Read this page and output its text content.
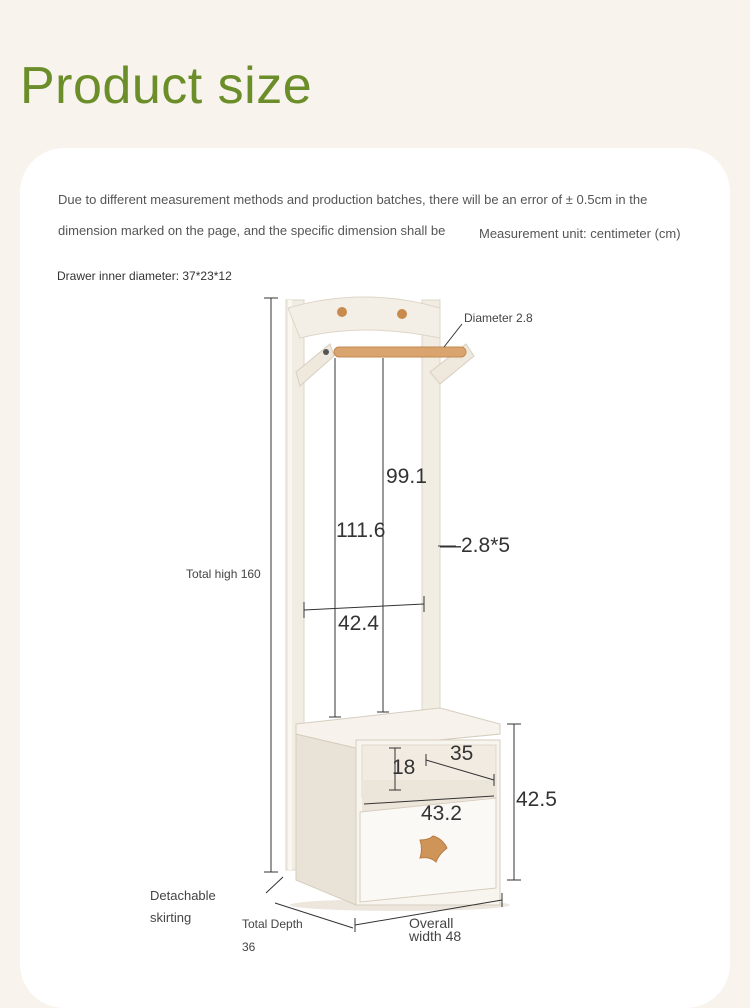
Product size
Due to different measurement methods and production batches, there will be an error of ± 0.5cm in the
dimension marked on the page, and the specific dimension shall be	Measurement unit: centimeter (cm)
Drawer inner diameter: 37*23*12
Diameter 2.8
99.1
111.6
—2.8*5
42.4
Total high 160
35
18
43.2
42.5
Detachable
skirting	Total Depth
36
Overall
width 48
